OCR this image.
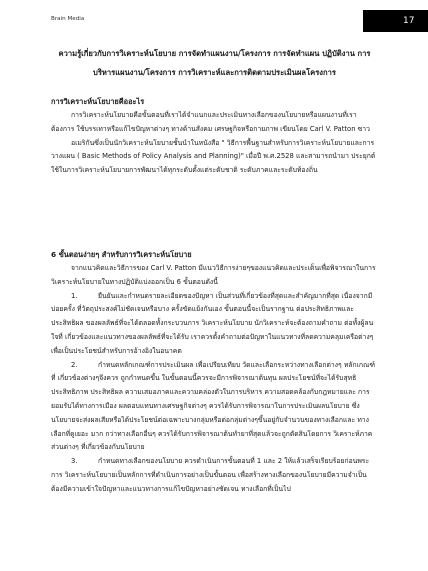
Brain Media	17
ความรู้เกี่ยวกับการวิเคราะห์นโยบาย การจัดทำแผนงาน/โครงการ การจัดทำแผน ปฏิบัติงาน การ
บริหารแผนงาน/โครงการ การวิเคราะห์และการติดตามประเมินผลโครงการ

การวิเคราะห์นโยบายคืออะไร

การวิเคราะห์นโยบายคือขั้นตอนที่เราได้จำแนกและประเมินทางเลือกของนโยบายหรือแผนงานที่เราต้องการ ใช้บรรเทาหรือแก้ไขปัญหาต่างๆ ทางด้านสังคม เศรษฐกิจหรือกายภาพ เขียนโดย Carl V. Patton ซาว

อเมริกันซึ่งเป็นนักวิเคราะห์นโยบายชั้นนำในหนังสือ " วิธีการพื้นฐานสำหรับการวิเคราะห์นโยบายและการ วางแผน ( Basic Methods of Policy Analysis and Planning)" เมื่อปี พ.ศ.2528 และสามารถนำมา ประยุกต์ใช้ในการวิเคราะห์นโยบายการพัฒนาได้ทุกระดับตั้งแต่ระดับชาติ ระดับภาคและระดับท้องถิ่น

6 ขั้นตอนง่ายๆ สำหรับการวิเคราะห์นโยบาย

จากแนวคิดและวิธีการของ Carl V. Patton มีแนววิธีการง่ายๆของแนวคิดและประเด็นเพื่อพิจารณาในการ วิเคราะห์นโยบายในทางปฏิบัติแบ่งออกเป็น 6 ขั้นตอนดังนี้

1.	ยืนยันและกำหนดรายละเอียดของปัญหา เป็นส่วนที่เกี่ยวข้องที่สุดและสำคัญมากที่สุด เนื่องจากมีบ่อยครั้ง ที่วัตถุประสงค์ไม่ชัดเจนหรือบาง ครั้งขัดแย้งกันเอง ขั้นตอนนี้จะเป็นรากฐาน ต่อประสิทธิภาพและประสิทธิผล ของผลลัพธ์ที่จะได้ตลอดทั้งกระบวนการ วิเคราะห์นโยบาย นักวิเคราะห์จะต้องถามคำถาม ต่อทั้งผู้ลนใจที่ เกี่ยวข้องและแนวทางของผลลัพธ์ที่จะได้รับ เราควรตั้งคำถามต่อปัญหาในแนวทางที่ลดความคลุมเครือต่างๆ เพื่อเป็นประโยชน์สำหรับการอ้างอิงในอนาคต

2.	กำหนดหลักเกณฑ์การประเมินผล เพื่อเปรียบเทียบ วัดและเลือกระหว่างทางเลือกต่างๆ หลักเกณฑ์ที่ เกี่ยวข้องต่างๆจึงควร ถูกกำหนดขึ้น ในขั้นตอนนี้ควรจะมีการพิจารณาต้นทุน ผลประโยชน์ที่จะได้รับสุทธิ ประสิทธิภาพ ประสิทธิผล ความเสมอภาคและความคล่องตัวในการบริหาร ความสอดคล้องกับกฎหมายและ การยอมรับได้ทางการเมือง ผลตอบแทนทางเศรษฐกิจต่างๆ ควรได้รับการพิจารณาในการประเมินผลนโยบาย ซึ่งนโยบายจะส่งผลเสียหรือได้ประโยชน์ต่อเฉพาะบางกลุ่มหรือต่อกลุ่มต่างๆขึ้นอยู่กับจำนวนของทางเลือกและ ทางเลือกที่ดูเยอะ มาก กว่าทางเลือกอื่นๆ ควรได้รับการพิจารณาต้นทำยาที่สุดแล้วจะถูกตัดสินโดยการ วิเคราะห์ภาคส่วนต่างๆ ที่เกี่ยวข้องกับนโยบาย

3.	กำหนดทางเลือกของนโยบาย ควรดำเนินการขั้นตอนที่ 1 และ 2 ให้แล้วเสร็จเรียบร้อยก่อนพระการ วิเคราะห์นโยบายเป็นหลักการที่ดำเนินการอย่างเป็นขั้นตอน เพื่อสร้างทางเลือกของนโยบายมีความจำเป็นต้องมีความเข้าใจปัญหาและแนวทางการแก้ไขปัญหาอย่างชัดเจน ทางเลือกที่เป็นไป
